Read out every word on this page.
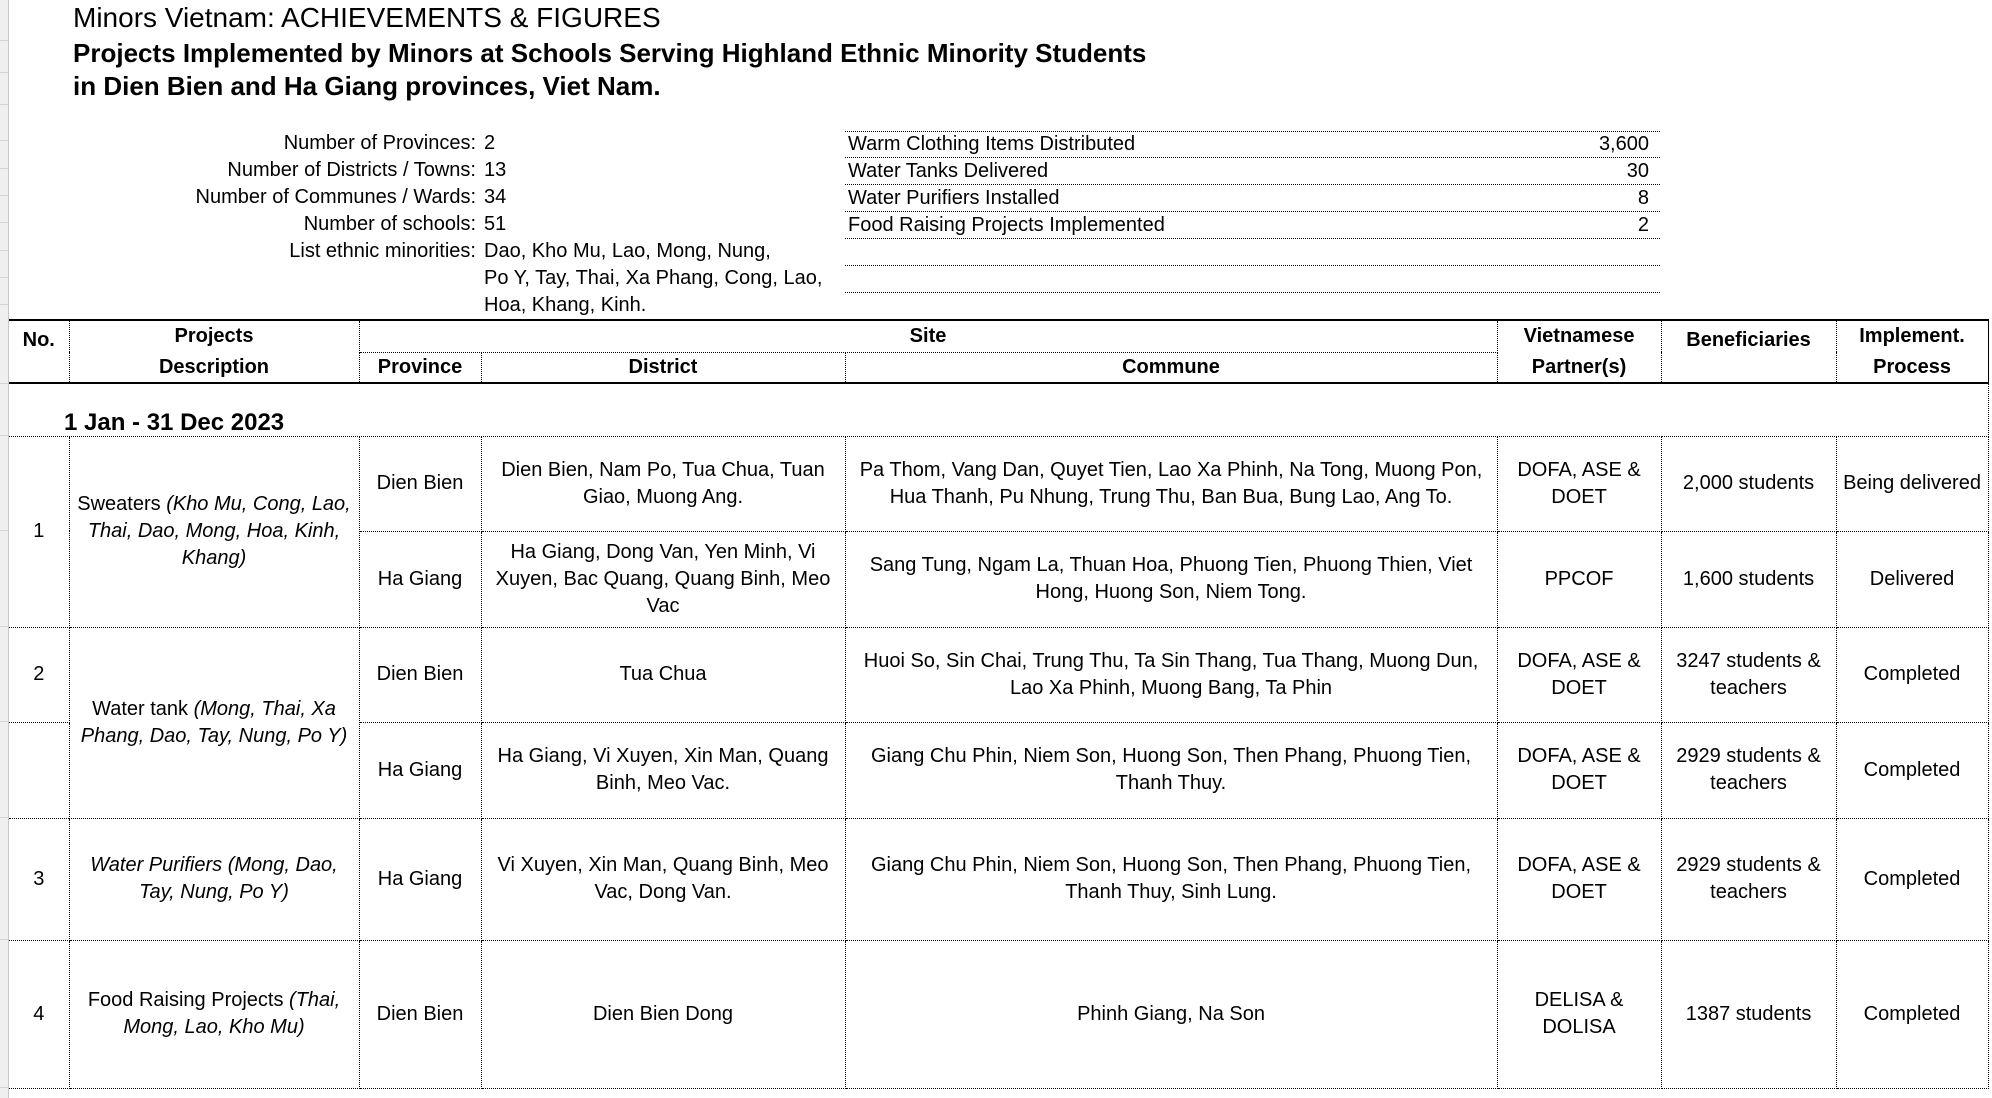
Minors Vietnam: ACHIEVEMENTS & FIGURES
Projects Implemented by Minors at Schools Serving Highland Ethnic Minority Students
in Dien Bien and Ha Giang provinces, Viet Nam.
Number of Provinces: 2
Number of Districts / Towns: 13
Number of Communes / Wards: 34
Number of schools: 51
List ethnic minorities: Dao, Kho Mu, Lao, Mong, Nung,
Po Y, Tay, Thai, Xa Phang, Cong, Lao,
Hoa, Khang, Kinh.
Warm Clothing Items Distributed	3,600
Water Tanks Delivered	30
Water Purifiers Installed	8
Food Raising Projects Implemented	2
No.	Projects	Site			Vietnamese	Beneficiaries	Implement.
	Description	Province	District	Commune	Partner(s)		Process
1 Jan - 31 Dec 2023							
1	Sweaters (Kho Mu, Cong, Lao, Thai, Dao, Mong, Hoa, Kinh, Khang)	Dien Bien	Dien Bien, Nam Po, Tua Chua, Tuan Giao, Muong Ang.	Pa Thom, Vang Dan, Quyet Tien, Lao Xa Phinh, Na Tong, Muong Pon, Hua Thanh, Pu Nhung, Trung Thu, Ban Bua, Bung Lao, Ang To.	DOFA, ASE & DOET	2,000 students	Being delivered
		Ha Giang	Ha Giang, Dong Van, Yen Minh, Vi Xuyen, Bac Quang, Quang Binh, Meo Vac	Sang Tung, Ngam La, Thuan Hoa, Phuong Tien, Phuong Thien, Viet Hong, Huong Son, Niem Tong.	PPCOF	1,600 students	Delivered
2	Water tank (Mong, Thai, Xa Phang, Dao, Tay, Nung, Po Y)	Dien Bien	Tua Chua	Huoi So, Sin Chai, Trung Thu, Ta Sin Thang, Tua Thang, Muong Dun, Lao Xa Phinh, Muong Bang, Ta Phin	DOFA, ASE & DOET	3247 students & teachers	Completed
		Ha Giang	Ha Giang, Vi Xuyen, Xin Man, Quang Binh, Meo Vac.	Giang Chu Phin, Niem Son, Huong Son, Then Phang, Phuong Tien, Thanh Thuy.	DOFA, ASE & DOET	2929 students & teachers	Completed
3	Water Purifiers (Mong, Dao, Tay, Nung, Po Y)	Ha Giang	Vi Xuyen, Xin Man, Quang Binh, Meo Vac, Dong Van.	Giang Chu Phin, Niem Son, Huong Son, Then Phang, Phuong Tien, Thanh Thuy, Sinh Lung.	DOFA, ASE & DOET	2929 students & teachers	Completed
4	Food Raising Projects (Thai, Mong, Lao, Kho Mu)	Dien Bien	Dien Bien Dong	Phinh Giang, Na Son	DELISA & DOLISA	1387 students	Completed
